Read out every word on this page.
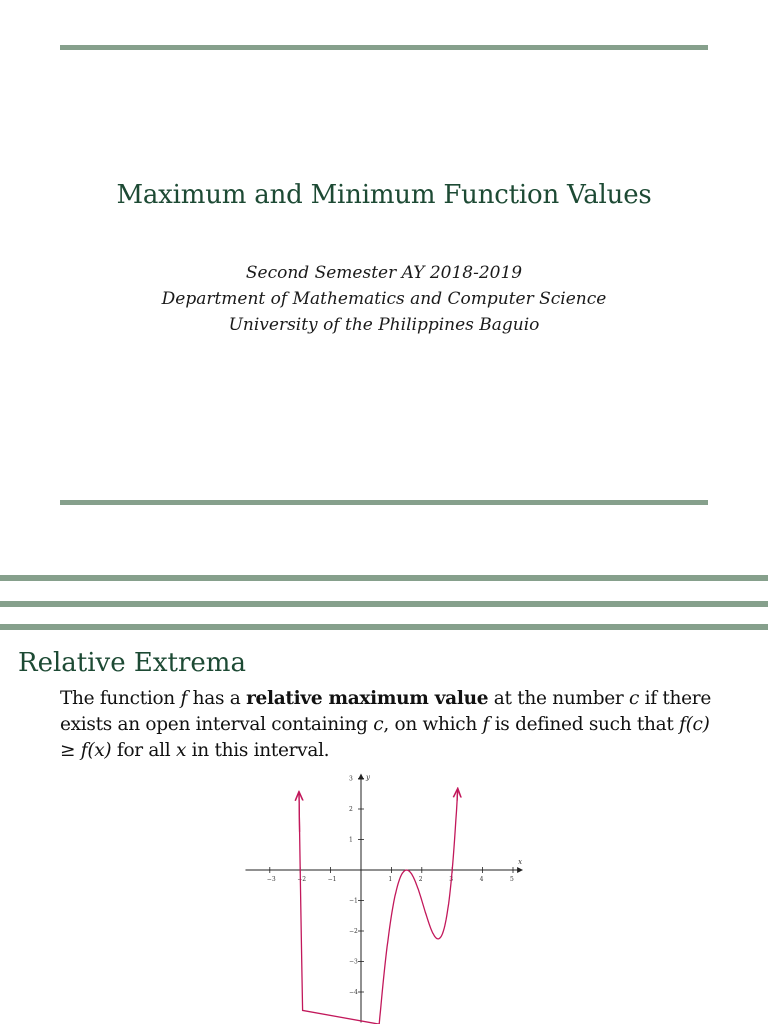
Maximum and Minimum Function Values
Second Semester AY 2018-2019
Department of Mathematics and Computer Science
University of the Philippines Baguio
Relative Extrema
The function f has a relative maximum value at the number c if there exists an open interval containing c, on which f is defined such that f(c) ≥ f(x) for all x in this interval.
−3	−2	−1	1	2	3	4	5
3
2
1
−1
−2
−3
−4
x
y
